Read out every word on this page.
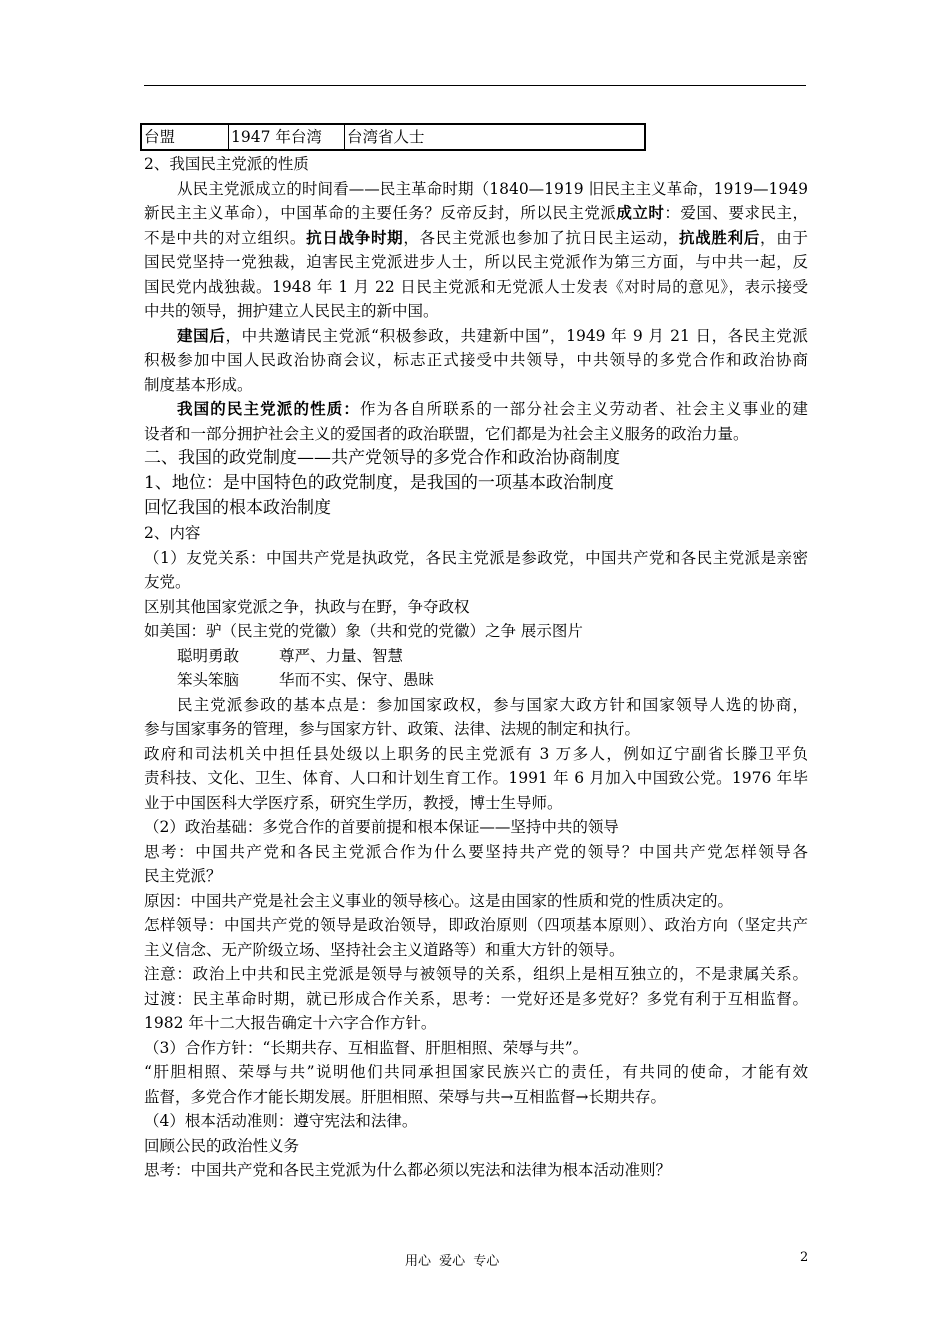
台盟	1947 年台湾	台湾省人士
2、我国民主党派的性质
从民主党派成立的时间看——民主革命时期（1840—1919 旧民主主义革命，1919—1949
新民主主义革命），中国革命的主要任务？反帝反封，所以民主党派成立时：爱国、要求民主，
不是中共的对立组织。抗日战争时期，各民主党派也参加了抗日民主运动，抗战胜利后，由于
国民党坚持一党独裁，迫害民主党派进步人士，所以民主党派作为第三方面，与中共一起，反
国民党内战独裁。1948 年 1 月 22 日民主党派和无党派人士发表《对时局的意见》，表示接受
中共的领导，拥护建立人民民主的新中国。
建国后，中共邀请民主党派“积极参政，共建新中国”，1949 年 9 月 21 日，各民主党派
积极参加中国人民政治协商会议，标志正式接受中共领导，中共领导的多党合作和政治协商
制度基本形成。
我国的民主党派的性质：作为各自所联系的一部分社会主义劳动者、社会主义事业的建
设者和一部分拥护社会主义的爱国者的政治联盟，它们都是为社会主义服务的政治力量。
二、我国的政党制度——共产党领导的多党合作和政治协商制度
1、地位：是中国特色的政党制度，是我国的一项基本政治制度
回忆我国的根本政治制度
2、内容
（1）友党关系：中国共产党是执政党，各民主党派是参政党，中国共产党和各民主党派是亲密
友党。
区别其他国家党派之争，执政与在野，争夺政权
如美国：驴（民主党的党徽）象（共和党的党徽）之争 展示图片
聪明勇敢	尊严、力量、智慧
笨头笨脑	华而不实、保守、愚昧
民主党派参政的基本点是：参加国家政权，参与国家大政方针和国家领导人选的协商，
参与国家事务的管理，参与国家方针、政策、法律、法规的制定和执行。
政府和司法机关中担任县处级以上职务的民主党派有 3 万多人，例如辽宁副省长滕卫平负
责科技、文化、卫生、体育、人口和计划生育工作。1991 年 6 月加入中国致公党。1976 年毕
业于中国医科大学医疗系，研究生学历，教授，博士生导师。
（2）政治基础：多党合作的首要前提和根本保证——坚持中共的领导
思考：中国共产党和各民主党派合作为什么要坚持共产党的领导？中国共产党怎样领导各
民主党派？
原因：中国共产党是社会主义事业的领导核心。这是由国家的性质和党的性质决定的。
怎样领导：中国共产党的领导是政治领导，即政治原则（四项基本原则）、政治方向（坚定共产
主义信念、无产阶级立场、坚持社会主义道路等）和重大方针的领导。
注意：政治上中共和民主党派是领导与被领导的关系，组织上是相互独立的，不是隶属关系。
过渡：民主革命时期，就已形成合作关系，思考：一党好还是多党好？多党有利于互相监督。
1982 年十二大报告确定十六字合作方针。
（3）合作方针：“长期共存、互相监督、肝胆相照、荣辱与共”。
“肝胆相照、荣辱与共”说明他们共同承担国家民族兴亡的责任，有共同的使命，才能有效
监督，多党合作才能长期发展。肝胆相照、荣辱与共→互相监督→长期共存。
（4）根本活动准则：遵守宪法和法律。
回顾公民的政治性义务
思考：中国共产党和各民主党派为什么都必须以宪法和法律为根本活动准则？
用心 爱心 专心	2
